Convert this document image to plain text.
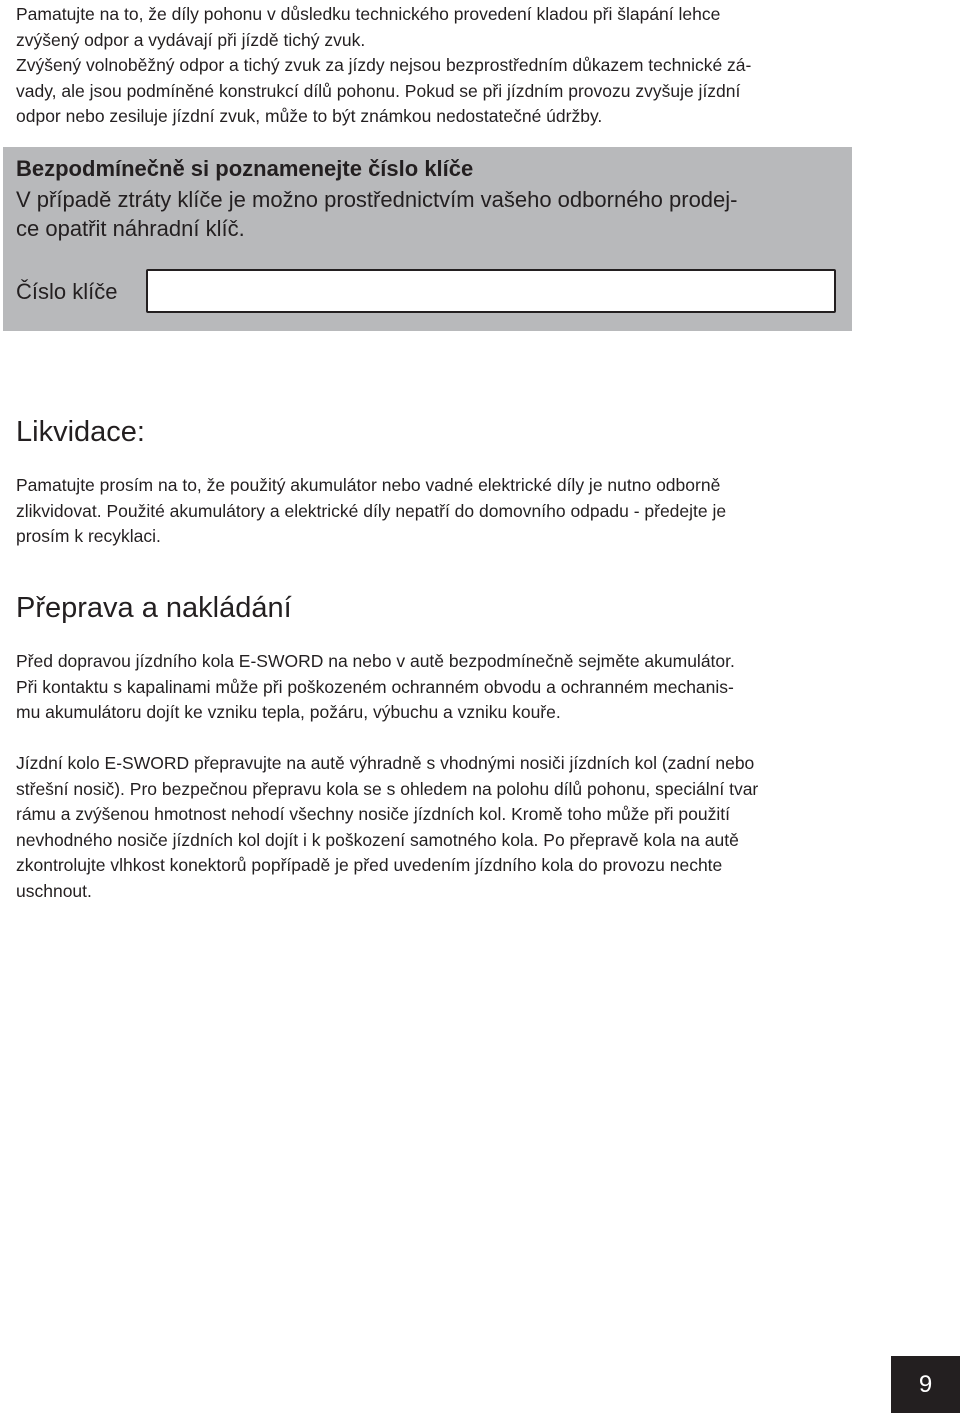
Pamatujte na to, že díly pohonu v důsledku technického provedení kladou při šlapání lehce

zvýšený odpor a vydávají při jízdě tichý zvuk.

Zvýšený volnoběžný odpor a tichý zvuk za jízdy nejsou bezprostředním důkazem technické zá-

vady, ale jsou podmíněné konstrukcí dílů pohonu. Pokud se při jízdním provozu zvyšuje jízdní

odpor nebo zesiluje jízdní zvuk, může to být známkou nedostatečné údržby.

Bezpodmínečně si poznamenejte číslo klíče
V případě ztráty klíče je možno prostřednictvím vašeho odborného prodej-
ce opatřit náhradní klíč.
Číslo klíče
Likvidace:

Pamatujte prosím na to, že použitý akumulátor nebo vadné elektrické díly je nutno odborně

zlikvidovat. Použité akumulátory a elektrické díly nepatří do domovního odpadu - předejte je

prosím k recyklaci.

Přeprava a nakládání

Před dopravou jízdního kola E-SWORD na nebo v autě bezpodmínečně sejměte akumulátor.

Při kontaktu s kapalinami může při poškozeném ochranném obvodu a ochranném mechanis-

mu akumulátoru dojít ke vzniku tepla, požáru, výbuchu a vzniku kouře.

Jízdní kolo E-SWORD přepravujte na autě výhradně s vhodnými nosiči jízdních kol (zadní nebo

střešní nosič). Pro bezpečnou přepravu kola se s ohledem na polohu dílů pohonu, speciální tvar

rámu a zvýšenou hmotnost nehodí všechny nosiče jízdních kol. Kromě toho může při použití

nevhodného nosiče jízdních kol dojít i k poškození samotného kola. Po přepravě kola na autě

zkontrolujte vlhkost konektorů popřípadě je před uvedením jízdního kola do provozu nechte

uschnout.

9
